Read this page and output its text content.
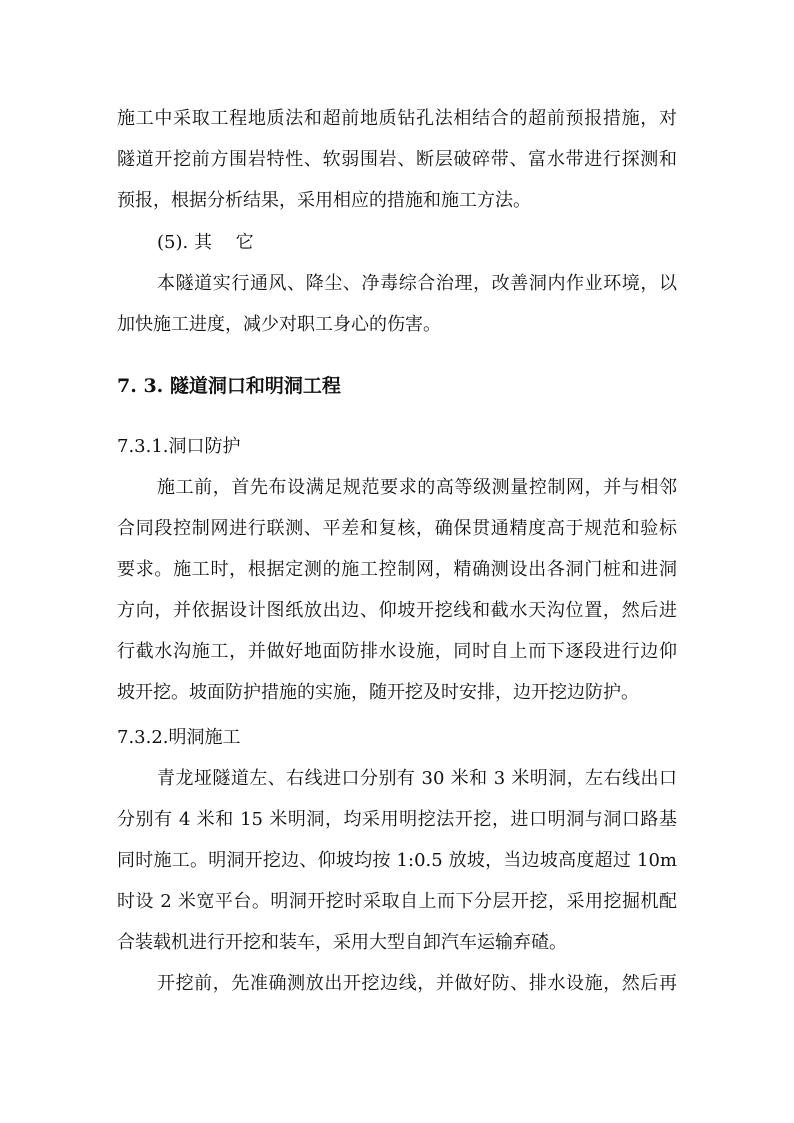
施工中采取工程地质法和超前地质钻孔法相结合的超前预报措施，对
隧道开挖前方围岩特性、软弱围岩、断层破碎带、富水带进行探测和
预报，根据分析结果，采用相应的措施和施工方法。
(5). 其　 它
本隧道实行通风、降尘、净毒综合治理，改善洞内作业环境，以
加快施工进度，减少对职工身心的伤害。
7. 3. 隧道洞口和明洞工程
7.3.1.洞口防护
施工前，首先布设满足规范要求的高等级测量控制网，并与相邻
合同段控制网进行联测、平差和复核，确保贯通精度高于规范和验标
要求。施工时，根据定测的施工控制网，精确测设出各洞门桩和进洞
方向，并依据设计图纸放出边、仰坡开挖线和截水天沟位置，然后进
行截水沟施工，并做好地面防排水设施，同时自上而下逐段进行边仰
坡开挖。坡面防护措施的实施，随开挖及时安排，边开挖边防护。
7.3.2.明洞施工
青龙垭隧道左、右线进口分别有 30 米和 3 米明洞，左右线出口
分别有 4 米和 15 米明洞，均采用明挖法开挖，进口明洞与洞口路基
同时施工。明洞开挖边、仰坡均按 1:0.5 放坡，当边坡高度超过 10m
时设 2 米宽平台。明洞开挖时采取自上而下分层开挖，采用挖掘机配
合装载机进行开挖和装车，采用大型自卸汽车运输弃碴。
开挖前，先准确测放出开挖边线，并做好防、排水设施，然后再
